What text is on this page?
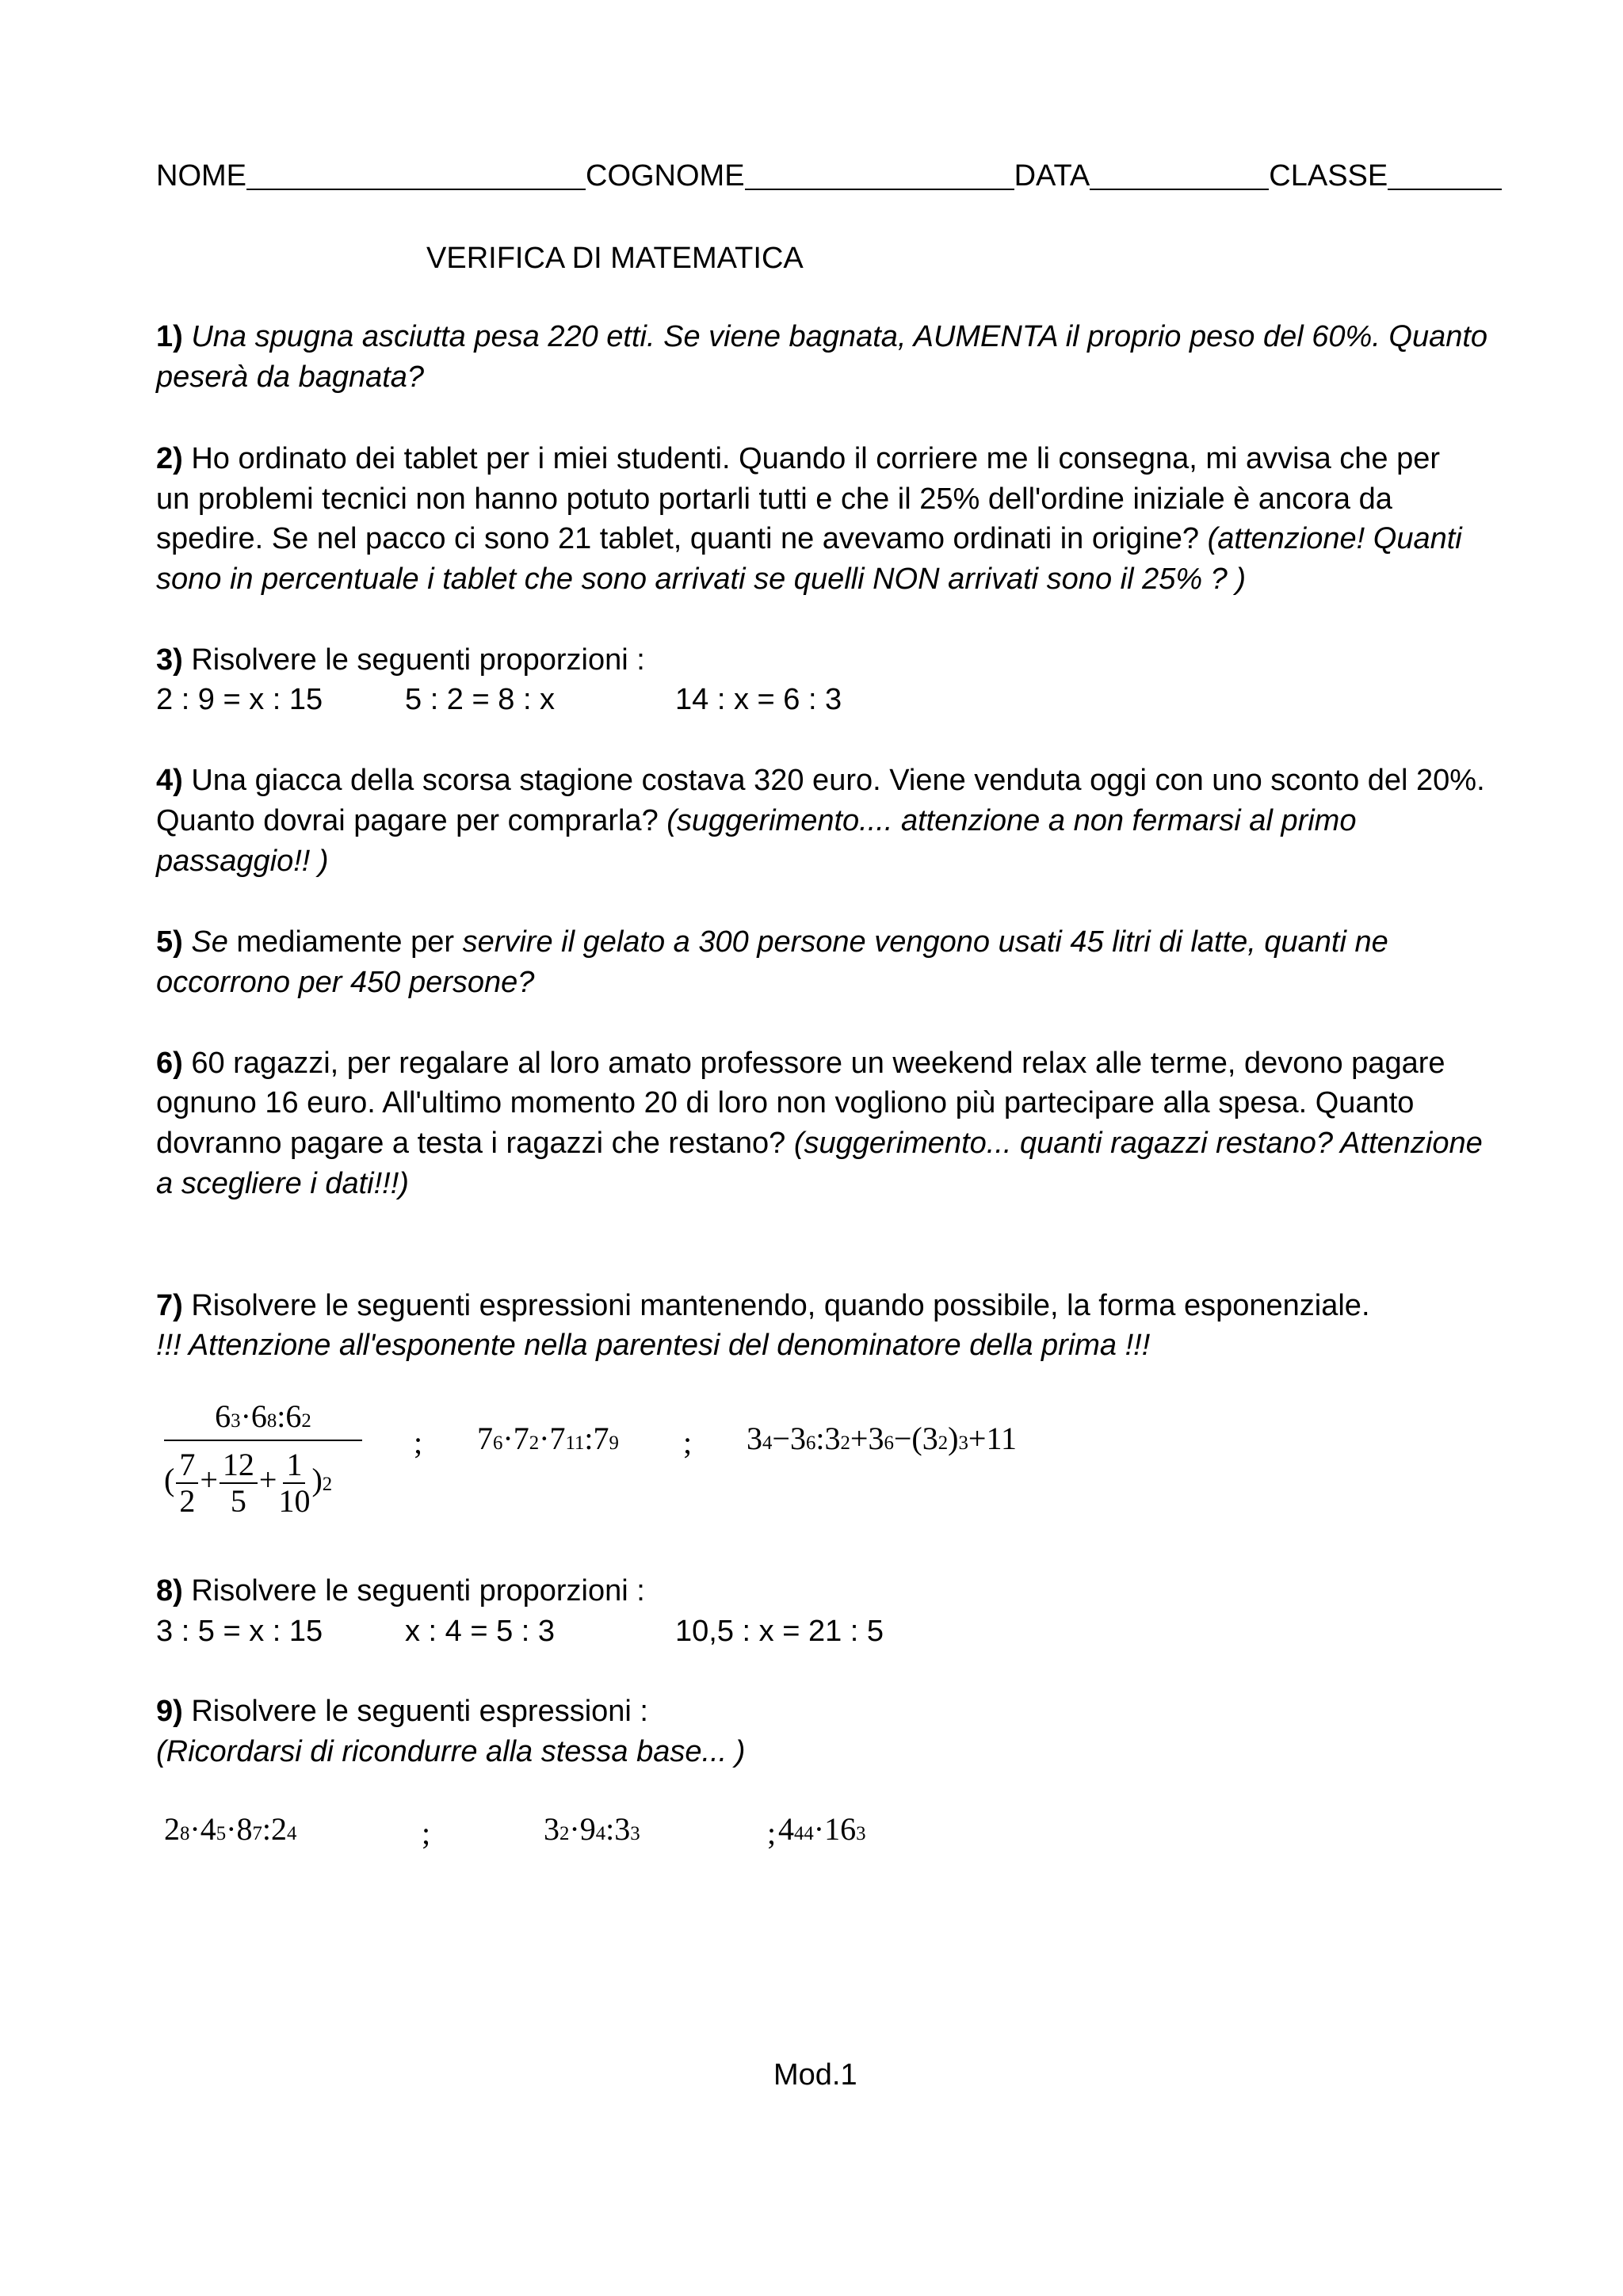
NOME	COGNOME	DATA	CLASSE
VERIFICA DI MATEMATICA
1) Una spugna asciutta pesa 220 etti. Se viene bagnata, AUMENTA il proprio peso del 60%. Quanto
peserà da bagnata?
2) Ho ordinato dei tablet per i miei studenti. Quando il corriere me li consegna, mi avvisa che per
un problemi tecnici non hanno potuto portarli tutti e che il 25% dell'ordine iniziale è ancora da
spedire. Se nel pacco ci sono 21 tablet, quanti ne avevamo ordinati in origine? (attenzione! Quanti
sono in percentuale i tablet che sono arrivati se quelli NON arrivati sono il 25% ? )
3) Risolvere le seguenti proporzioni :
2 : 9 = x : 15	5 : 2 = 8 : x	14 : x = 6 : 3
4) Una giacca della scorsa stagione costava 320 euro. Viene venduta oggi con uno sconto del 20%.
Quanto dovrai pagare per comprarla? (suggerimento.... attenzione a non fermarsi al primo
passaggio!! )
5) Se mediamente per servire il gelato a 300 persone vengono usati 45 litri di latte, quanti ne
occorrono per 450 persone?
6) 60 ragazzi, per regalare al loro amato professore un weekend relax alle terme, devono pagare
ognuno 16 euro. All'ultimo momento 20 di loro non vogliono più partecipare alla spesa. Quanto
dovranno pagare a testa i ragazzi che restano? (suggerimento... quanti ragazzi restano? Attenzione
a scegliere i dati!!!)
7) Risolvere le seguenti espressioni mantenendo, quando possibile, la forma esponenziale.
!!! Attenzione all'esponente nella parentesi del denominatore della prima !!!
$6^3\cdot 6^8:6^2$
( $\frac{7}{2} + \frac{12}{5} + \frac{1}{10} )^2$
; $7^6\cdot 7^2\cdot 7^{11}:7^9$ ; $3^4-3^6:3^2+3^6-(3^2)^3+11$
8) Risolvere le seguenti proporzioni :
3 : 5 = x : 15	x : 4 = 5 : 3	10,5 : x = 21 : 5
9) Risolvere le seguenti espressioni :
(Ricordarsi di ricondurre alla stessa base... )
$2^8\cdot 4^5\cdot 8^7:2^4$	;	$3^2\cdot 9^4:3^3$	; $4^{44}\cdot 16^3$
Mod.1
